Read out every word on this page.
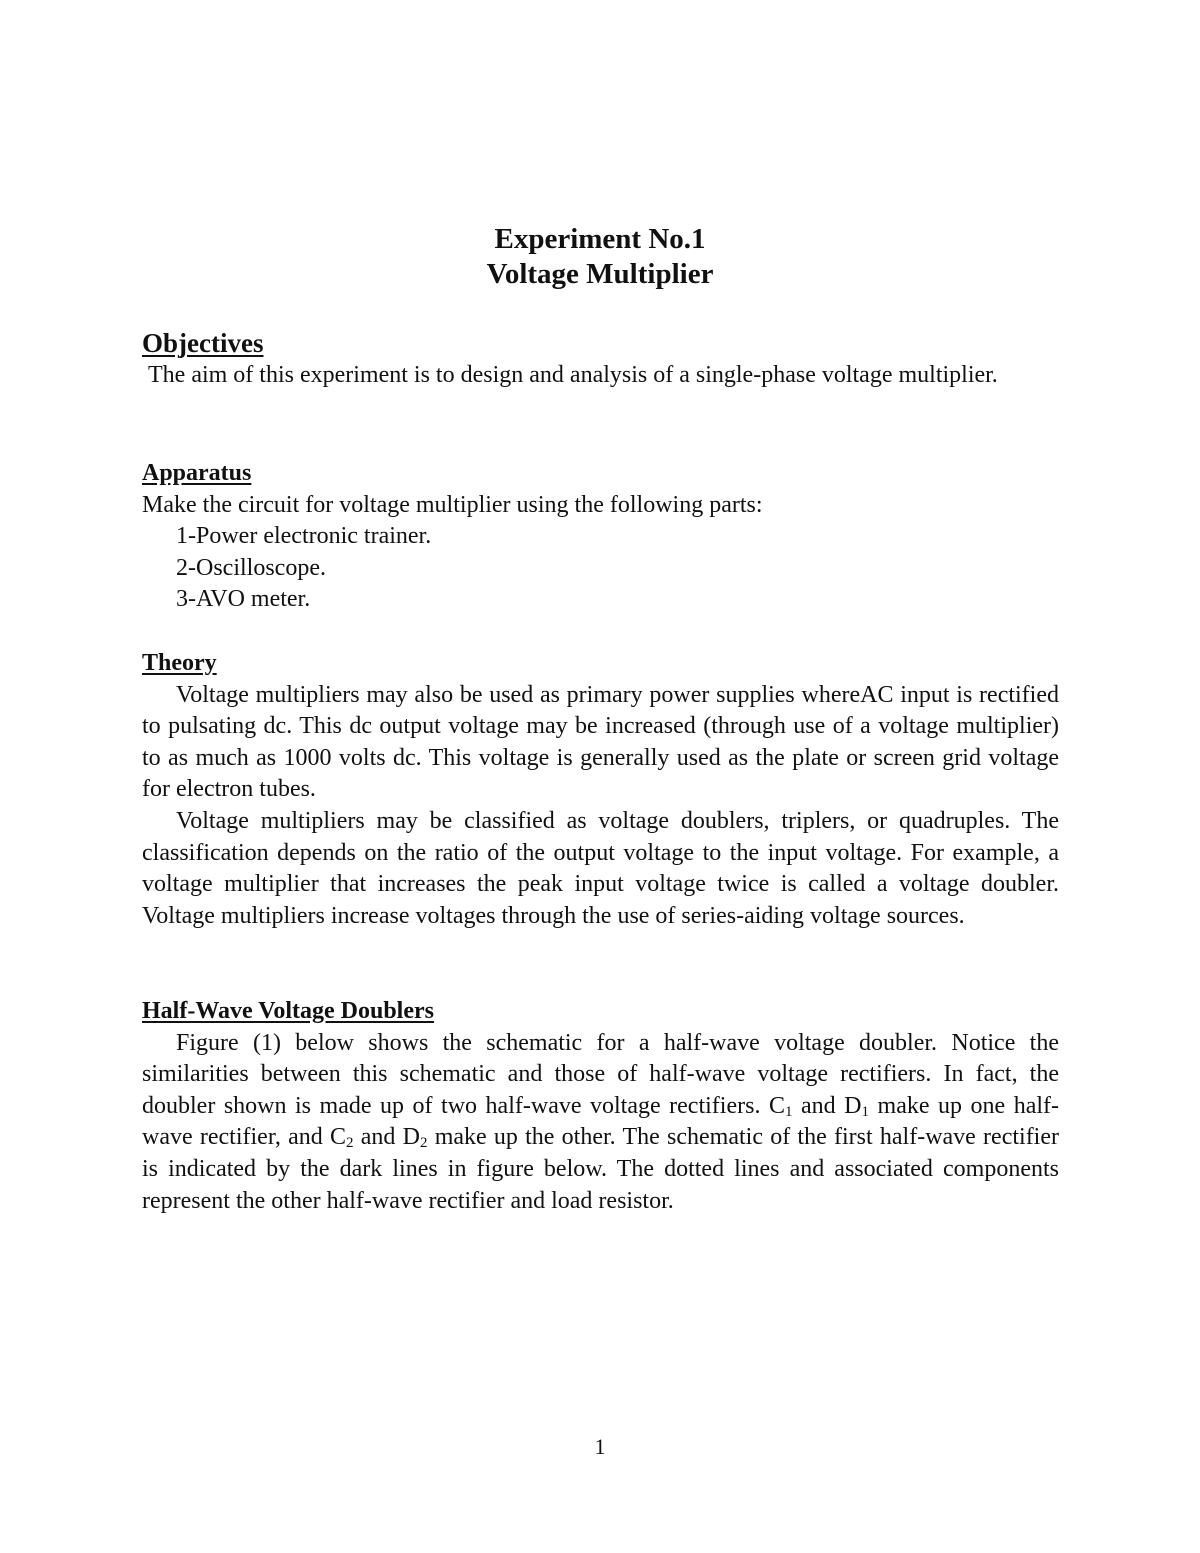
Experiment No.1
Voltage Multiplier
Objectives
The aim of this experiment is to design and analysis of a single-phase voltage multiplier.
Apparatus
Make the circuit for voltage multiplier using the following parts:
1-Power electronic trainer.
2-Oscilloscope.
3-AVO meter.
Theory
Voltage multipliers may also be used as primary power supplies whereAC input is rectified to pulsating dc. This dc output voltage may be increased (through use of a voltage multiplier) to as much as 1000 volts dc. This voltage is generally used as the plate or screen grid voltage for electron tubes.
Voltage multipliers may be classified as voltage doublers, triplers, or quadruples. The classification depends on the ratio of the output voltage to the input voltage. For example, a voltage multiplier that increases the peak input voltage twice is called a voltage doubler. Voltage multipliers increase voltages through the use of series-aiding voltage sources.
Half-Wave Voltage Doublers
Figure (1) below shows the schematic for a half-wave voltage doubler. Notice the similarities between this schematic and those of half-wave voltage rectifiers. In fact, the doubler shown is made up of two half-wave voltage rectifiers. $C_1$ and $D_1$ make up one half-wave rectifier, and $C_2$ and $D_2$ make up the other. The schematic of the first half-wave rectifier is indicated by the dark lines in figure below. The dotted lines and associated components represent the other half-wave rectifier and load resistor.
1
